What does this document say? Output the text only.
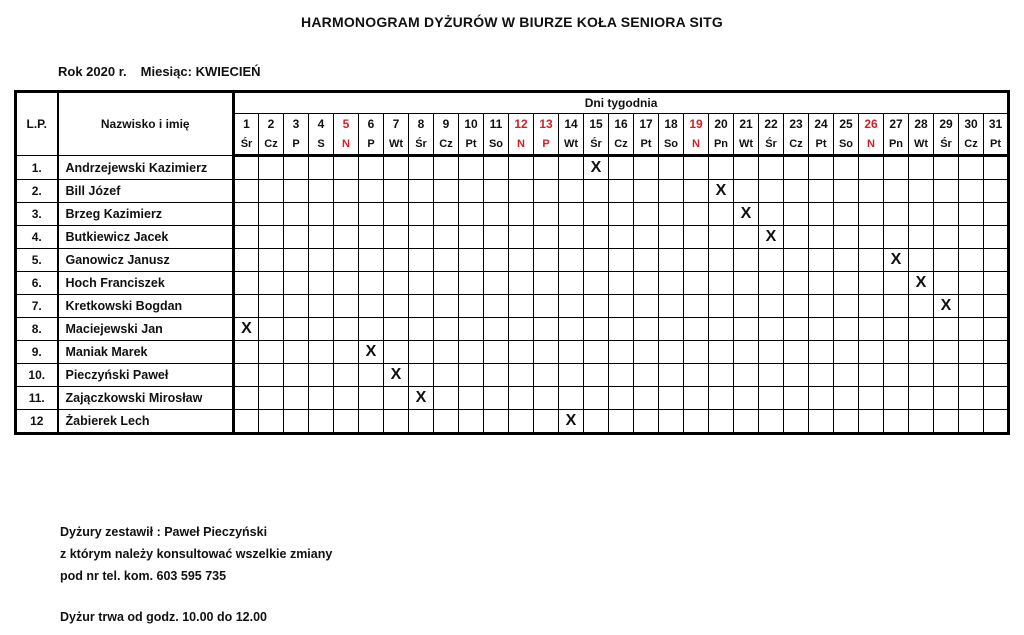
HARMONOGRAM DYŻURÓW W BIURZE KOŁA SENIORA SITG
Rok 2020 r. Miesiąc: KWIECIEŃ
L.P.	Nazwisko i imię	Dni tygodnia																														
		1	2	3	4	5	6	7	8	9	10	11	12	13	14	15	16	17	18	19	20	21	22	23	24	25	26	27	28	29	30	31
		Śr	Cz	P	S	N	P	Wt	Śr	Cz	Pt	So	N	P	Wt	Śr	Cz	Pt	So	N	Pn	Wt	Śr	Cz	Pt	So	N	Pn	Wt	Śr	Cz	Pt
1.	Andrzejewski Kazimierz															X																
2.	Bill Józef																				X											
3.	Brzeg Kazimierz																					X										
4.	Butkiewicz Jacek																						X									
5.	Ganowicz Janusz																											X				
6.	Hoch Franciszek																												X			
7.	Kretkowski Bogdan																													X		
8.	Maciejewski Jan	X																														
9.	Maniak Marek						X																									
10.	Pieczyński Paweł							X																								
11.	Zajączkowski Mirosław								X																							
12	Żabierek Lech														X																	
Dyżury zestawił : Paweł Pieczyński
z którym należy konsultować wszelkie zmiany
pod nr tel. kom. 603 595 735
Dyżur trwa od godz. 10.00 do 12.00
